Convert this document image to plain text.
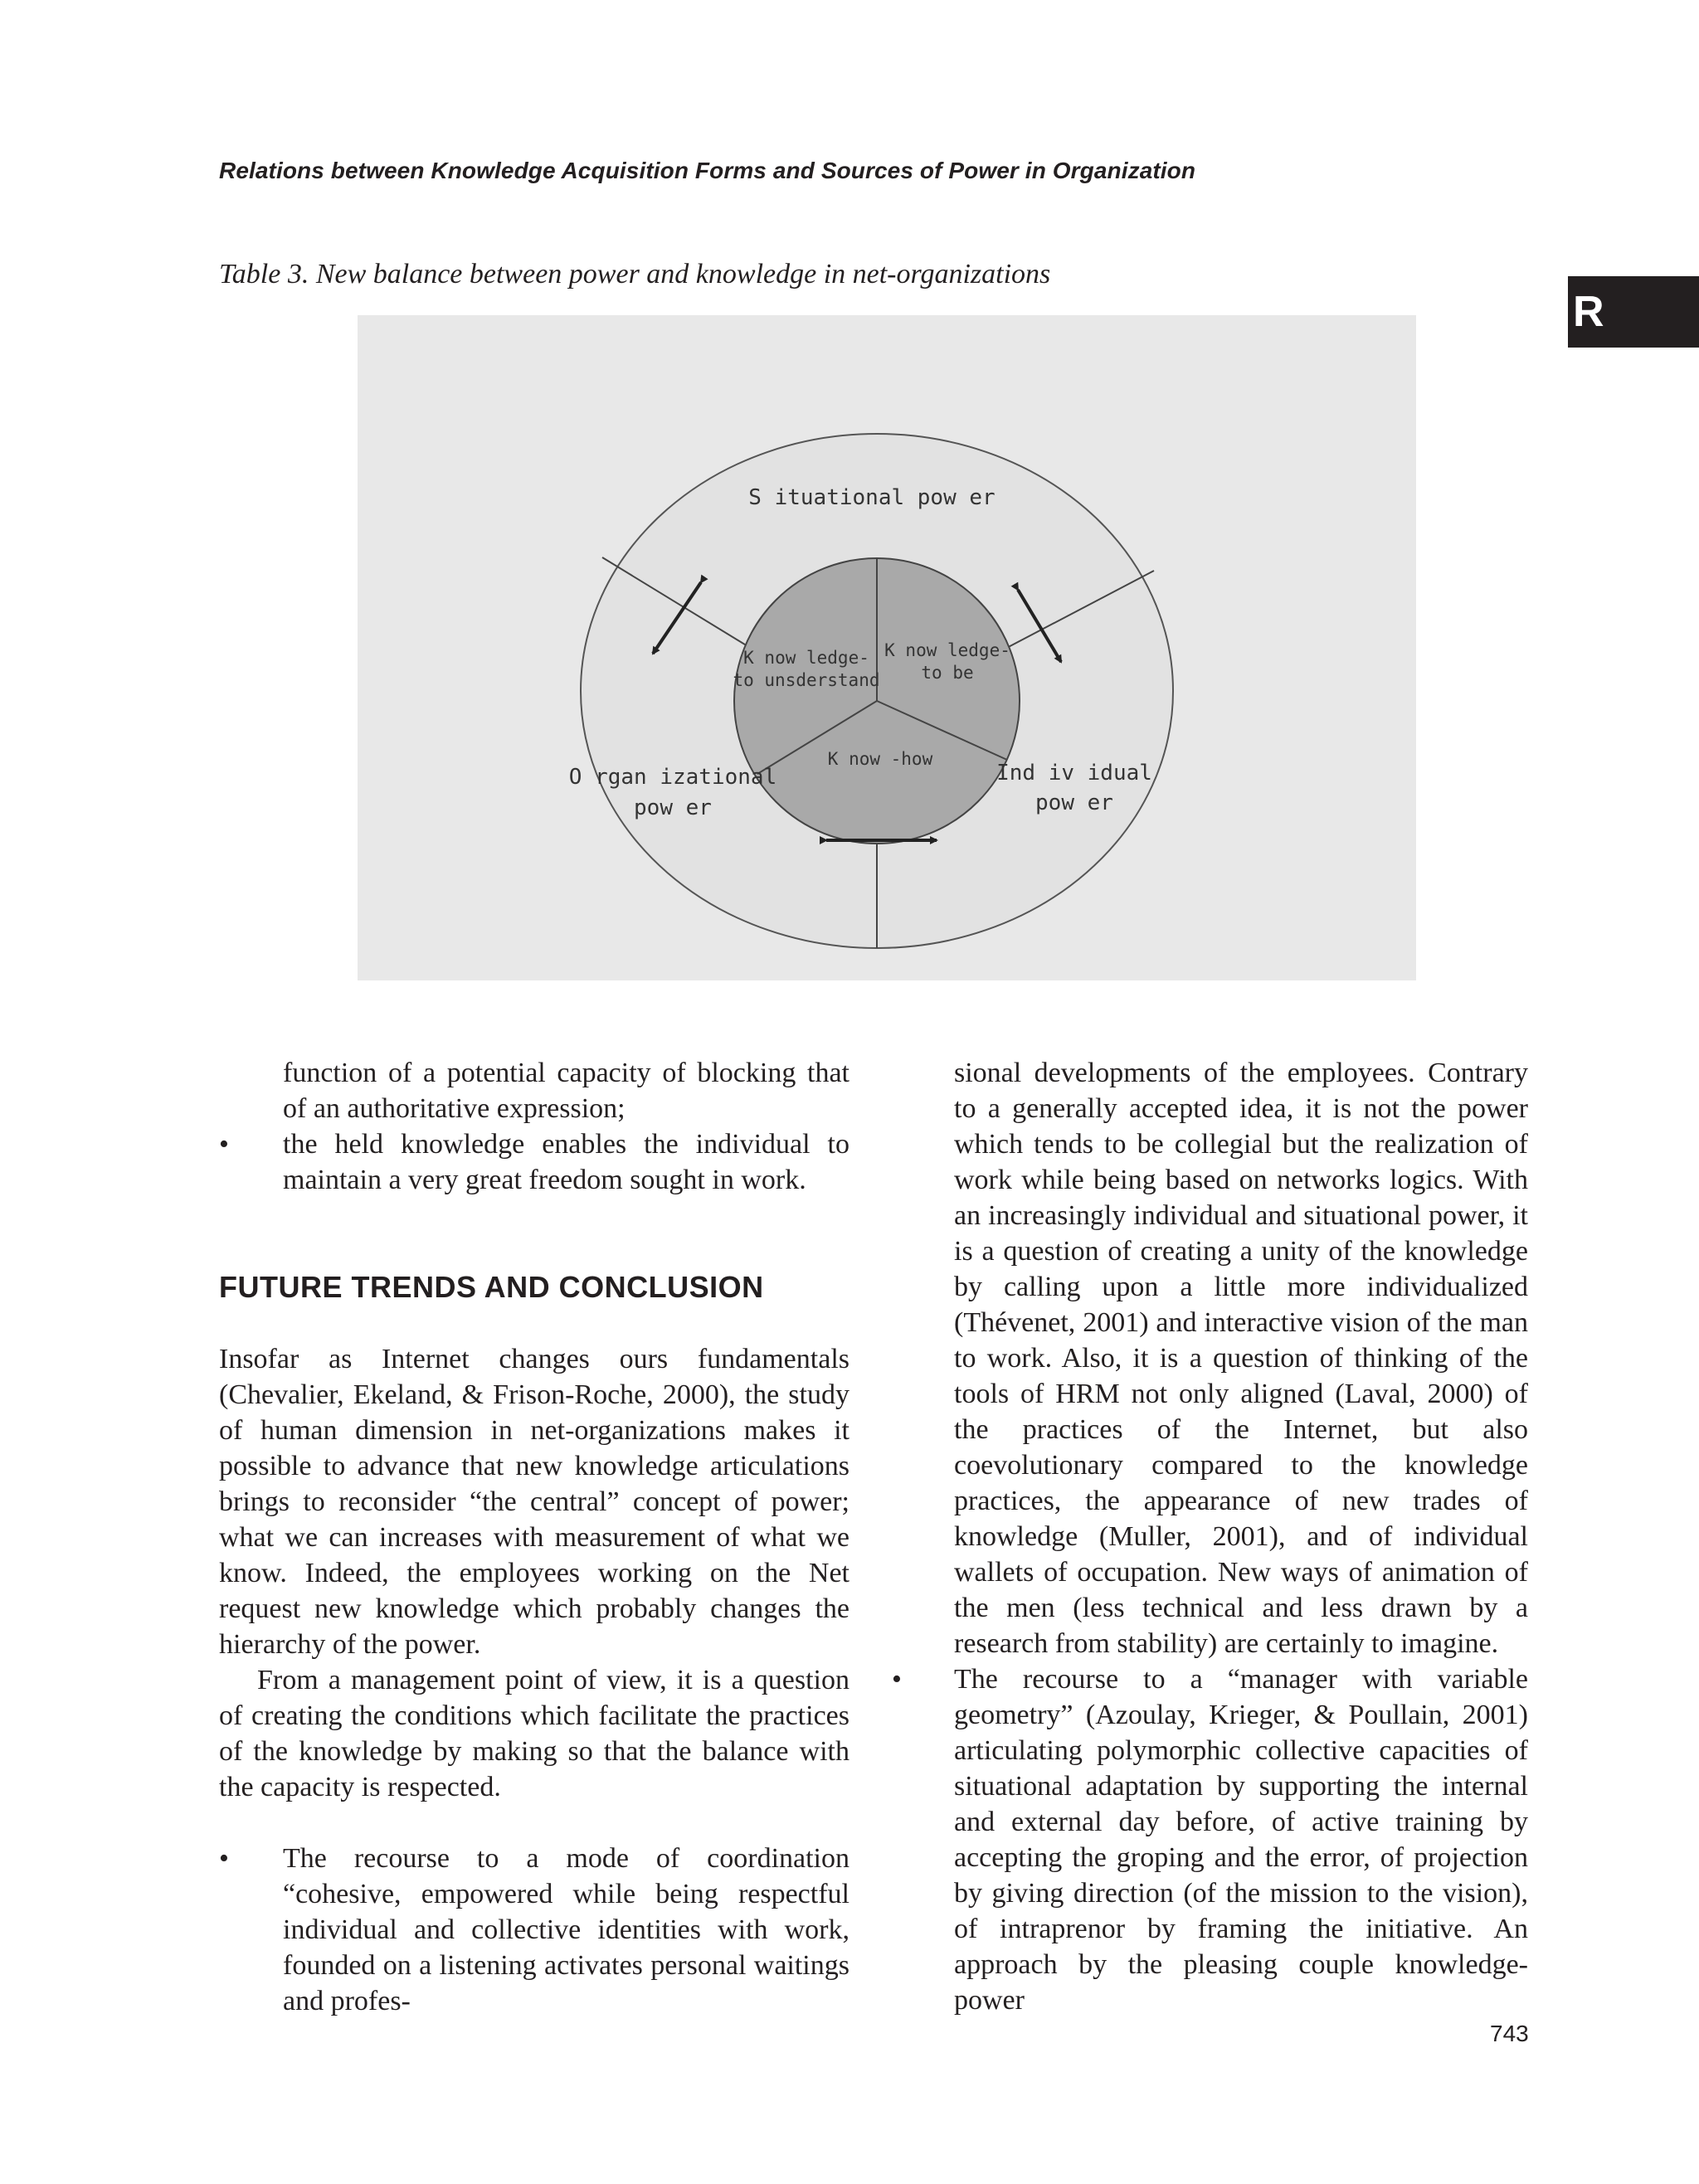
Relations between Knowledge Acquisition Forms and Sources of Power in Organization
R
Table 3. New balance between power and knowledge in net-organizations
S ituational pow er
O rgan izational
pow er
Ind iv idual
pow er
K now ledge-
to unsderstand
K now ledge-
to be
K now -how

function of a potential capacity of blocking that of an authoritative expression;

• the held knowledge enables the individual to maintain a very great freedom sought in work.

FUTURE TRENDS AND CONCLUSION

Insofar as Internet changes ours fundamentals (Chevalier, Ekeland, & Frison-Roche, 2000), the study of human dimension in net-organizations makes it possible to advance that new knowledge articulations brings to reconsider “the central” concept of power; what we can increases with measurement of what we know. Indeed, the employees working on the Net request new knowledge which probably changes the hierarchy of the power.

From a management point of view, it is a question of creating the conditions which facilitate the practices of the knowledge by making so that the balance with the capacity is respected.

• The recourse to a mode of coordination “cohesive, empowered while being respectful individual and collective identities with work, founded on a listening activates personal waitings and profes-

sional developments of the employees. Contrary to a generally accepted idea, it is not the power which tends to be collegial but the realization of work while being based on networks logics. With an increasingly individual and situational power, it is a question of creating a unity of the knowledge by calling upon a little more individualized (Thévenet, 2001) and interactive vision of the man to work. Also, it is a question of thinking of the tools of HRM not only aligned (Laval, 2000) of the practices of the Internet, but also coevolutionary compared to the knowledge practices, the appearance of new trades of knowledge (Muller, 2001), and of individual wallets of occupation. New ways of animation of the men (less technical and less drawn by a research from stability) are certainly to imagine.

• The recourse to a “manager with variable geometry” (Azoulay, Krieger, & Poullain, 2001) articulating polymorphic collective capacities of situational adaptation by supporting the internal and external day before, of active training by accepting the groping and the error, of projection by giving direction (of the mission to the vision), of intraprenor by framing the initiative. An approach by the pleasing couple knowledge-power

743
